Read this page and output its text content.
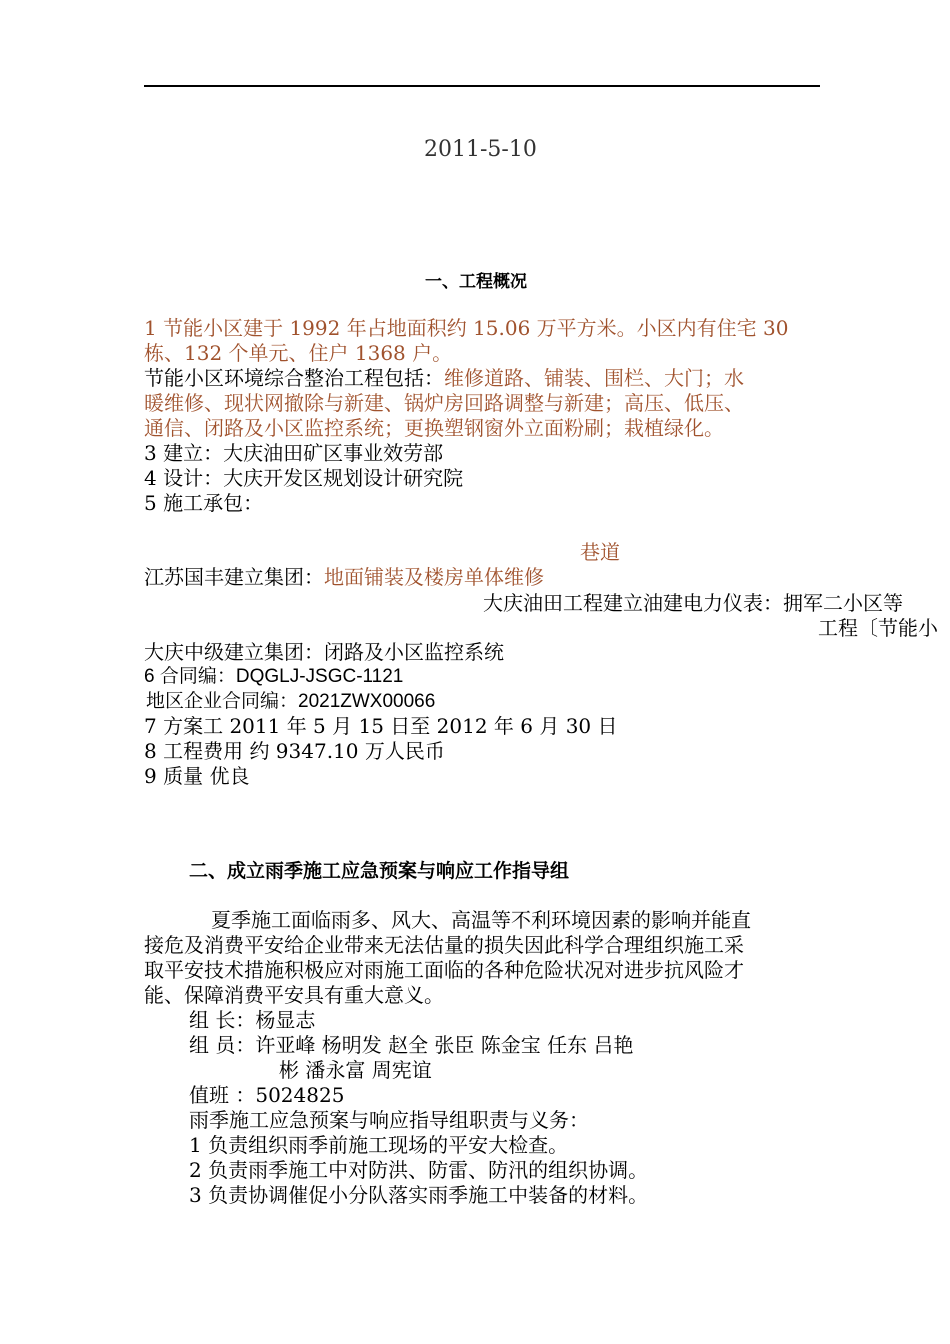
2011-5-10
一、工程概况
1 节能小区建于 1992 年占地面积约 15.06 万平方米。小区内有住宅 30
栋、132 个单元、住户 1368 户。
节能小区环境综合整治工程包括：维修道路、铺装、围栏、大门；水
暖维修、现状网撤除与新建、锅炉房回路调整与新建；高压、低压、
通信、闭路及小区监控系统；更换塑钢窗外立面粉刷；栽植绿化。
3 建立：大庆油田矿区事业效劳部
4 设计：大庆开发区规划设计研究院
5 施工承包：
巷道
江苏国丰建立集团：地面铺装及楼房单体维修
大庆油田工程建立油建电力仪表：拥军二小区等
工程〔节能小
大庆中级建立集团：闭路及小区监控系统
6 合同编：DQGLJ-JSGC-1121
地区企业合同编：2021ZWX00066
7 方案工 2011 年 5 月 15 日至 2012 年 6 月 30 日
8 工程费用 约 9347.10 万人民币
9 质量 优良
二、成立雨季施工应急预案与响应工作指导组
夏季施工面临雨多、风大、高温等不利环境因素的影响并能直
接危及消费平安给企业带来无法估量的损失因此科学合理组织施工采
取平安技术措施积极应对雨施工面临的各种危险状况对进步抗风险才
能、保障消费平安具有重大意义。
组 长：杨显志
组 员：许亚峰 杨明发 赵全 张臣 陈金宝 任东 吕艳
彬 潘永富 周宪谊
值班 ：5024825
雨季施工应急预案与响应指导组职责与义务：
1 负责组织雨季前施工现场的平安大检查。
2 负责雨季施工中对防洪、防雷、防汛的组织协调。
3 负责协调催促小分队落实雨季施工中装备的材料。
